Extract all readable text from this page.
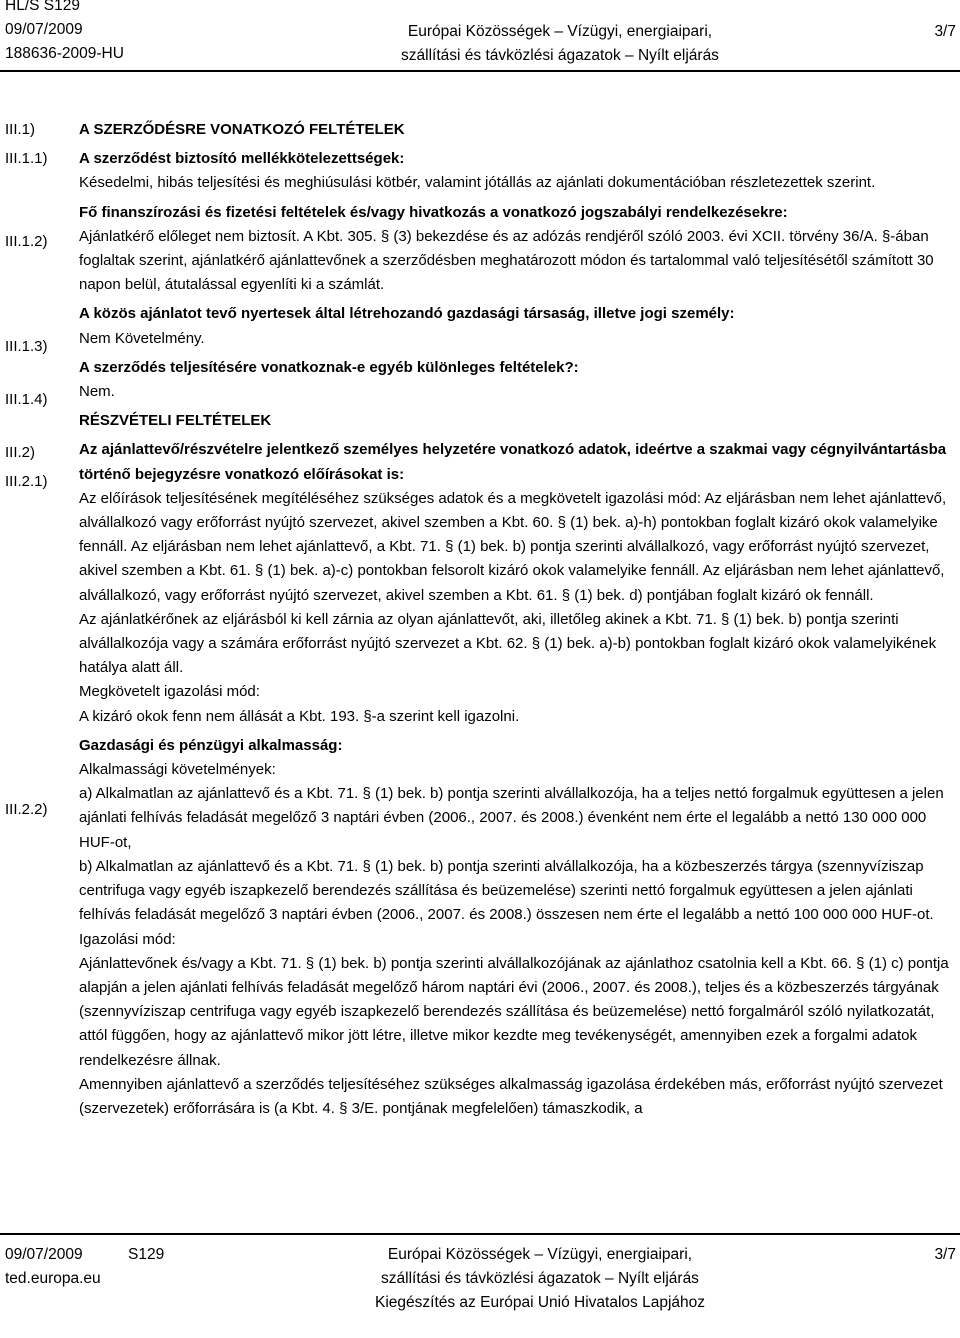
HL/S S129
09/07/2009
188636-2009-HU
Európai Közösségek – Vízügyi, energiaipari,
szállítási és távközlési ágazatok – Nyílt eljárás
3/7
III.1)
III.1.1)
III.1.2)
III.1.3)
III.1.4)
III.2)
III.2.1)
III.2.2)

A SZERZŐDÉSRE VONATKOZÓ FELTÉTELEK

A szerződést biztosító mellékkötelezettségek:

Késedelmi, hibás teljesítési és meghiúsulási kötbér, valamint jótállás az ajánlati dokumentációban részletezettek szerint.

Fő finanszírozási és fizetési feltételek és/vagy hivatkozás a vonatkozó jogszabályi rendelkezésekre:

Ajánlatkérő előleget nem biztosít. A Kbt. 305. § (3) bekezdése és az adózás rendjéről szóló 2003. évi XCII. törvény 36/A. §-ában foglaltak szerint, ajánlatkérő ajánlattevőnek a szerződésben meghatározott módon és tartalommal való teljesítésétől számított 30 napon belül, átutalással egyenlíti ki a számlát.

A közös ajánlatot tevő nyertesek által létrehozandó gazdasági társaság, illetve jogi személy:

Nem Követelmény.

A szerződés teljesítésére vonatkoznak-e egyéb különleges feltételek?:

Nem.

RÉSZVÉTELI FELTÉTELEK

Az ajánlattevő/részvételre jelentkező személyes helyzetére vonatkozó adatok, ideértve a szakmai vagy cégnyilvántartásba történő bejegyzésre vonatkozó előírásokat is:

Az előírások teljesítésének megítéléséhez szükséges adatok és a megkövetelt igazolási mód: Az eljárásban nem lehet ajánlattevő, alvállalkozó vagy erőforrást nyújtó szervezet, akivel szemben a Kbt. 60. § (1) bek. a)-h) pontokban foglalt kizáró okok valamelyike fennáll. Az eljárásban nem lehet ajánlattevő, a Kbt. 71. § (1) bek. b) pontja szerinti alvállalkozó, vagy erőforrást nyújtó szervezet, akivel szemben a Kbt. 61. § (1) bek. a)-c) pontokban felsorolt kizáró okok valamelyike fennáll. Az eljárásban nem lehet ajánlattevő, alvállalkozó, vagy erőforrást nyújtó szervezet, akivel szemben a Kbt. 61. § (1) bek. d) pontjában foglalt kizáró ok fennáll.

Az ajánlatkérőnek az eljárásból ki kell zárnia az olyan ajánlattevőt, aki, illetőleg akinek a Kbt. 71. § (1) bek. b) pontja szerinti alvállalkozója vagy a számára erőforrást nyújtó szervezet a Kbt. 62. § (1) bek. a)-b) pontokban foglalt kizáró okok valamelyikének hatálya alatt áll.

Megkövetelt igazolási mód:

A kizáró okok fenn nem állását a Kbt. 193. §-a szerint kell igazolni.

Gazdasági és pénzügyi alkalmasság:

Alkalmassági követelmények:

a) Alkalmatlan az ajánlattevő és a Kbt. 71. § (1) bek. b) pontja szerinti alvállalkozója, ha a teljes nettó forgalmuk együttesen a jelen ajánlati felhívás feladását megelőző 3 naptári évben (2006., 2007. és 2008.) évenként nem érte el legalább a nettó 130 000 000 HUF-ot,

b) Alkalmatlan az ajánlattevő és a Kbt. 71. § (1) bek. b) pontja szerinti alvállalkozója, ha a közbeszerzés tárgya (szennyvíziszap centrifuga vagy egyéb iszapkezelő berendezés szállítása és beüzemelése) szerinti nettó forgalmuk együttesen a jelen ajánlati felhívás feladását megelőző 3 naptári évben (2006., 2007. és 2008.) összesen nem érte el legalább a nettó 100 000 000 HUF-ot.

Igazolási mód:

Ajánlattevőnek és/vagy a Kbt. 71. § (1) bek. b) pontja szerinti alvállalkozójának az ajánlathoz csatolnia kell a Kbt. 66. § (1) c) pontja alapján a jelen ajánlati felhívás feladását megelőző három naptári évi (2006., 2007. és 2008.), teljes és a közbeszerzés tárgyának (szennyvíziszap centrifuga vagy egyéb iszapkezelő berendezés szállítása és beüzemelése) nettó forgalmáról szóló nyilatkozatát, attól függően, hogy az ajánlattevő mikor jött létre, illetve mikor kezdte meg tevékenységét, amennyiben ezek a forgalmi adatok rendelkezésre állnak.

Amennyiben ajánlattevő a szerződés teljesítéséhez szükséges alkalmasság igazolása érdekében más, erőforrást nyújtó szervezet (szervezetek) erőforrására is (a Kbt. 4. § 3/E. pontjának megfelelően) támaszkodik, a

09/07/2009
ted.europa.eu
S129	Európai Közösségek – Vízügyi, energiaipari,
szállítási és távközlési ágazatok – Nyílt eljárás
Kiegészítés az Európai Unió Hivatalos Lapjához
3/7
